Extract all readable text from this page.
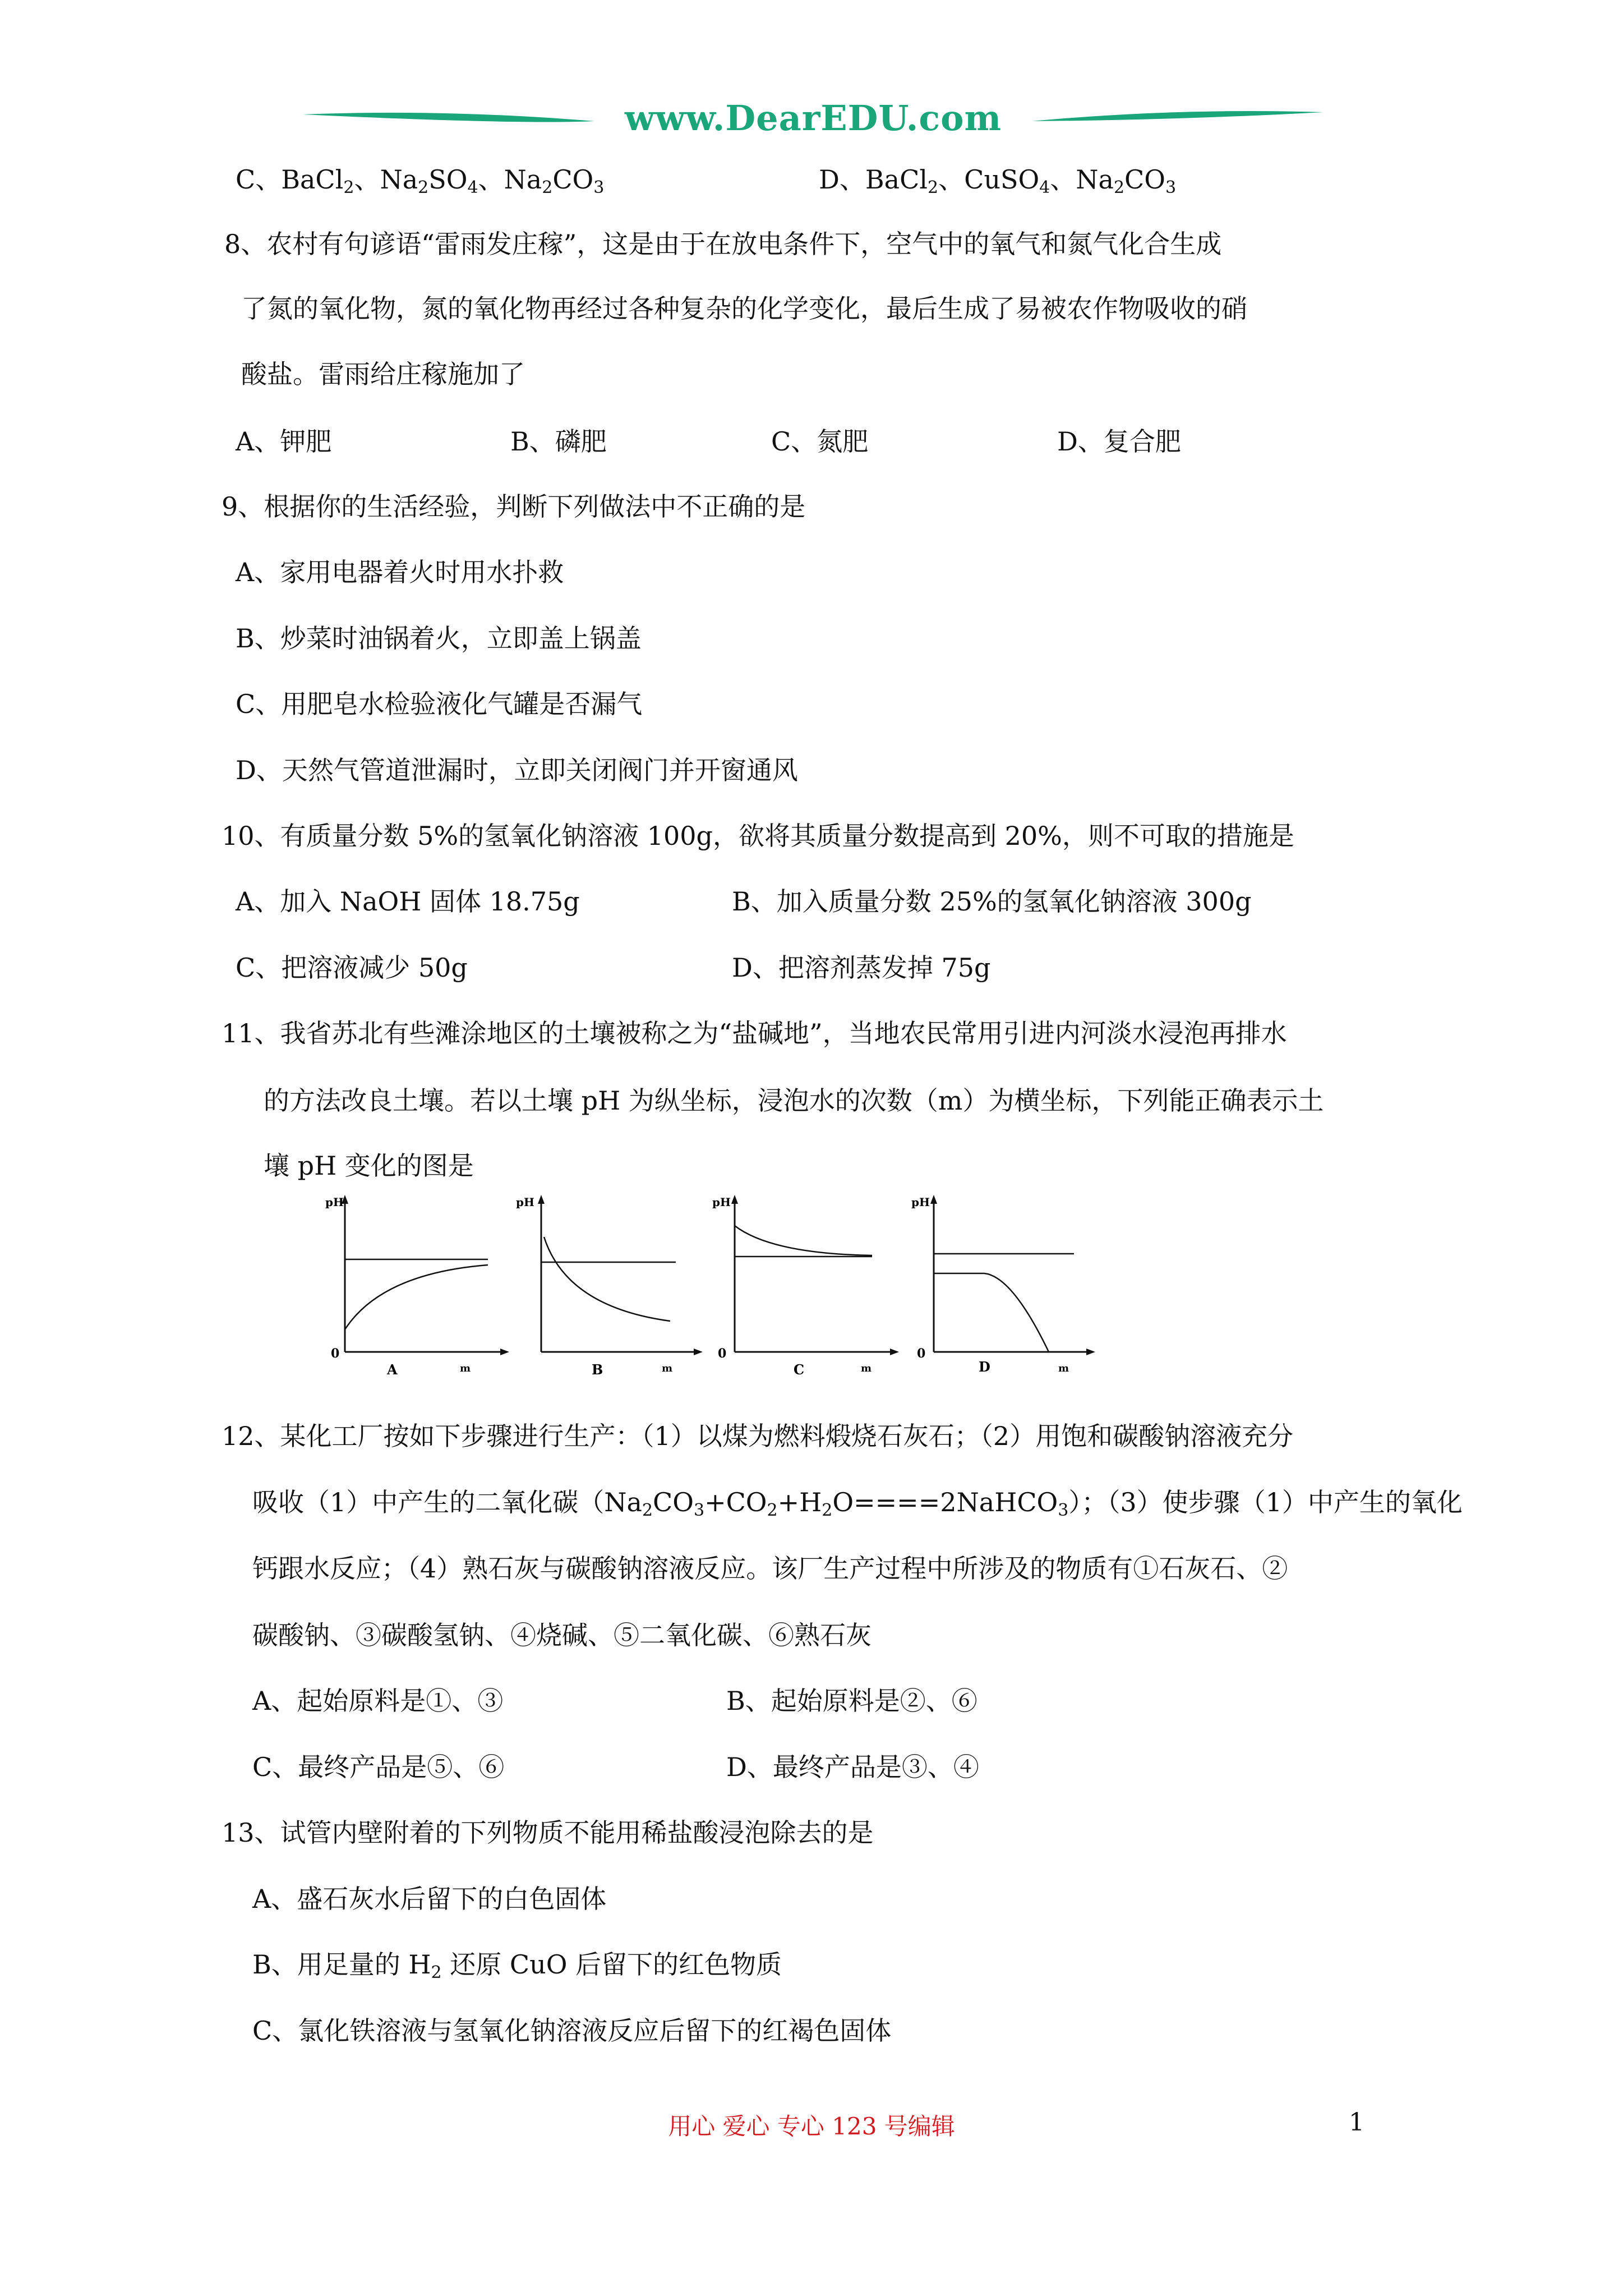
www.DearEDU.com
C、BaCl$_2$、$Na_2SO_4$、$Na_2CO_3$	D、BaCl$_2$、CuSO$_4$、$Na_2CO_3$
8、农村有句谚语“雷雨发庄稼”，这是由于在放电条件下，空气中的氧气和氮气化合生成
了氮的氧化物，氮的氧化物再经过各种复杂的化学变化，最后生成了易被农作物吸收的硝
酸盐。雷雨给庄稼施加了
A、钾肥	B、磷肥	C、氮肥	D、复合肥
9、根据你的生活经验，判断下列做法中不正确的是
A、家用电器着火时用水扑救
B、炒菜时油锅着火，立即盖上锅盖
C、用肥皂水检验液化气罐是否漏气
D、天然气管道泄漏时，立即关闭阀门并开窗通风
10、有质量分数 5%的氢氧化钠溶液 100g，欲将其质量分数提高到 20%，则不可取的措施是
A、加入 NaOH 固体 18.75g	B、加入质量分数 25%的氢氧化钠溶液 300g
C、把溶液减少 50g	D、把溶剂蒸发掉 75g
11、我省苏北有些滩涂地区的土壤被称之为“盐碱地”，当地农民常用引进内河淡水浸泡再排水
的方法改良土壤。若以土壤 pH 为纵坐标，浸泡水的次数（m）为横坐标，下列能正确表示土
壤 pH 变化的图是
pH
0
m
A
pH
m
B
pH
0
m
C
pH
0
m
D
12、某化工厂按如下步骤进行生产：（1）以煤为燃料煅烧石灰石；（2）用饱和碳酸钠溶液充分
吸收（1）中产生的二氧化碳$(Na_2CO_3+CO_2+H_2O====2NaHCO_3)$；（3）使步骤（1）中产生的氧化
钙跟水反应；（4）熟石灰与碳酸钠溶液反应。该厂生产过程中所涉及的物质有①石灰石、②
碳酸钠、③碳酸氢钠、④烧碱、⑤二氧化碳、⑥熟石灰
A、起始原料是①、③	B、起始原料是②、⑥
C、最终产品是⑤、⑥	D、最终产品是③、④
13、试管内壁附着的下列物质不能用稀盐酸浸泡除去的是
A、盛石灰水后留下的白色固体
B、用足量的 $H_2$ 还原 CuO 后留下的红色物质
C、氯化铁溶液与氢氧化钠溶液反应后留下的红褐色固体
用心 爱心 专心 123 号编辑	1
